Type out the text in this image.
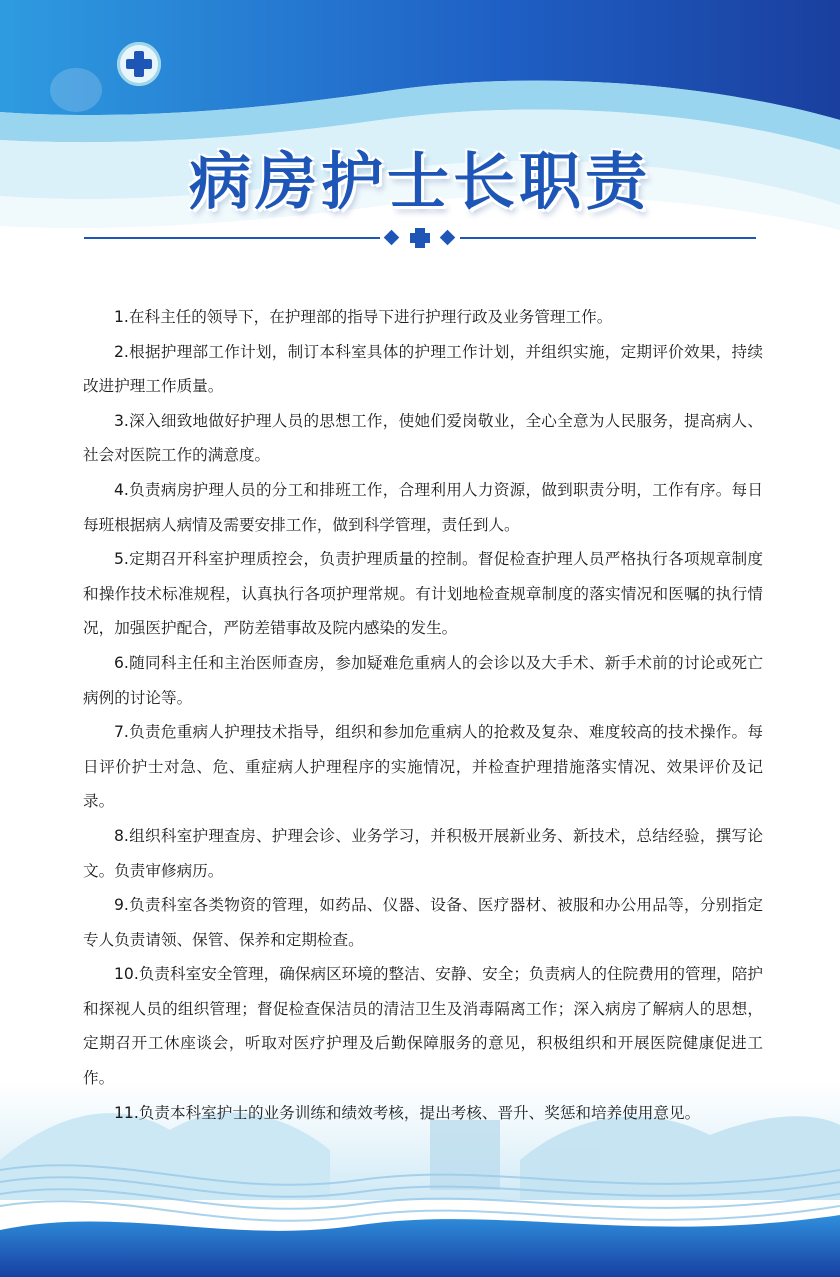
病房护士长职责

1.在科主任的领导下，在护理部的指导下进行护理行政及业务管理工作。

2.根据护理部工作计划，制订本科室具体的护理工作计划，并组织实施，定期评价效果，持续改进护理工作质量。

3.深入细致地做好护理人员的思想工作，使她们爱岗敬业，全心全意为人民服务，提高病人、社会对医院工作的满意度。

4.负责病房护理人员的分工和排班工作，合理利用人力资源，做到职责分明，工作有序。每日每班根据病人病情及需要安排工作，做到科学管理，责任到人。

5.定期召开科室护理质控会，负责护理质量的控制。督促检查护理人员严格执行各项规章制度和操作技术标准规程，认真执行各项护理常规。有计划地检查规章制度的落实情况和医嘱的执行情况，加强医护配合，严防差错事故及院内感染的发生。

6.随同科主任和主治医师查房，参加疑难危重病人的会诊以及大手术、新手术前的讨论或死亡病例的讨论等。

7.负责危重病人护理技术指导，组织和参加危重病人的抢救及复杂、难度较高的技术操作。每日评价护士对急、危、重症病人护理程序的实施情况，并检查护理措施落实情况、效果评价及记录。

8.组织科室护理查房、护理会诊、业务学习，并积极开展新业务、新技术，总结经验，撰写论文。负责审修病历。

9.负责科室各类物资的管理，如药品、仪器、设备、医疗器材、被服和办公用品等，分别指定专人负责请领、保管、保养和定期检查。

10.负责科室安全管理，确保病区环境的整洁、安静、安全；负责病人的住院费用的管理，陪护和探视人员的组织管理；督促检查保洁员的清洁卫生及消毒隔离工作；深入病房了解病人的思想，定期召开工休座谈会，听取对医疗护理及后勤保障服务的意见，积极组织和开展医院健康促进工作。

11.负责本科室护士的业务训练和绩效考核，提出考核、晋升、奖惩和培养使用意见。
